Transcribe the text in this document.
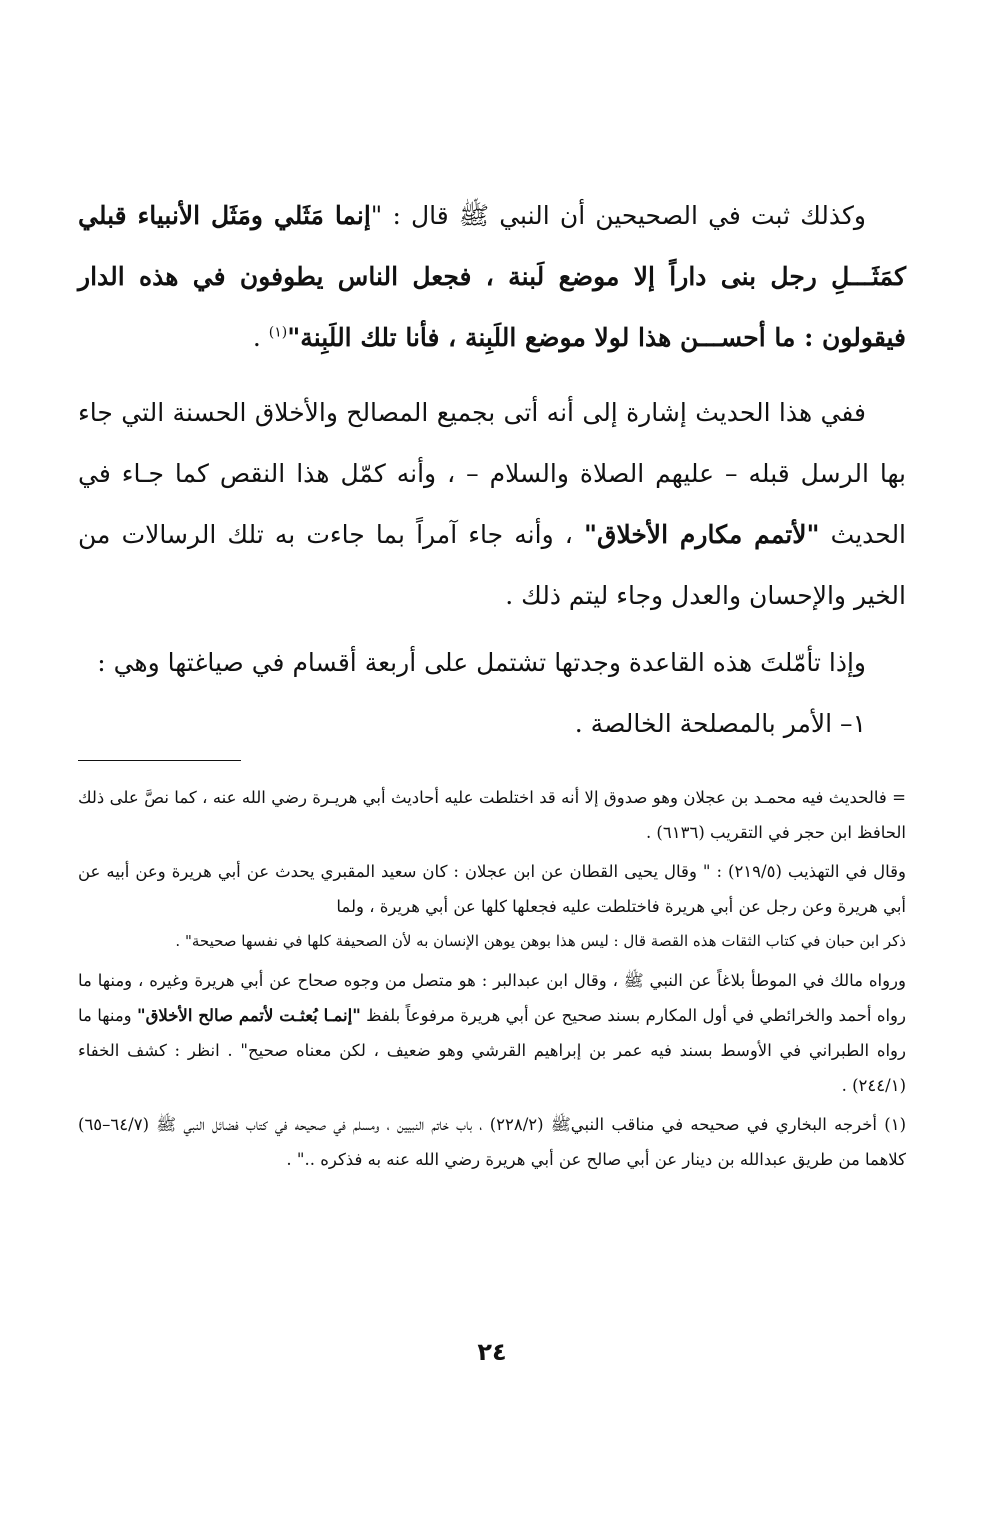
وكذلك ثبت في الصحيحين أن النبي ﷺ قال : "إنما مَثَلي ومَثَل الأنبياء قبلي كمَثَـــلِ رجل بنى داراً إلا موضع لَبنة ، فجعل الناس يطوفون في هذه الدار فيقولون : ما أحســـن هذا لولا موضع اللَبِنة ، فأنا تلك اللَبِنة"$^{(١)}$ .

ففي هذا الحديث إشارة إلى أنه أتى بجميع المصالح والأخلاق الحسنة التي جاء بها الرسل قبله – عليهم الصلاة والسلام – ، وأنه كمّل هذا النقص كما جـاء في الحديث "لأتمم مكارم الأخلاق" ، وأنه جاء آمراً بما جاءت به تلك الرسالات من الخير والإحسان والعدل وجاء ليتم ذلك .

وإذا تأمّلتَ هذه القاعدة وجدتها تشتمل على أربعة أقسام في صياغتها وهي :

١– الأمر بالمصلحة الخالصة .

= فالحديث فيه محمـد بن عجلان وهو صدوق إلا أنه قد اختلطت عليه أحاديث أبي هريـرة رضي الله عنه ، كما نصَّ على ذلك الحافظ ابن حجر في التقريب (٦١٣٦) .

وقال في التهذيب (٢١٩/٥) : " وقال يحيى القطان عن ابن عجلان : كان سعيد المقبري يحدث عن أبي هريرة وعن أبيه عن أبي هريرة وعن رجل عن أبي هريرة فاختلطت عليه فجعلها كلها عن أبي هريرة ، ولما

ذكر ابن حبان في كتاب الثقات هذه القصة قال : ليس هذا بوهن يوهن الإنسان به لأن الصحيفة كلها في نفسها صحيحة" .

ورواه مالك في الموطأ بلاغاً عن النبي ﷺ ، وقال ابن عبدالبر : هو متصل من وجوه صحاح عن أبي هريرة وغيره ، ومنها ما رواه أحمد والخرائطي في أول المكارم بسند صحيح عن أبي هريرة مرفوعاً بلفظ "إنمـا بُعثـت لأتمم صالح الأخلاق" ومنها ما رواه الطبراني في الأوسط بسند فيه عمر بن إبراهيم القرشي وهو ضعيف ، لكن معناه صحيح" . انظر : كشف الخفاء (٢٤٤/١) .

(١) أخرجه البخاري في صحيحه في مناقب النبيﷺ (٢٢٨/٢) ، باب خاتم النبيين ، ومسلم في صحيحه في كتاب فضائل النبي ﷺ (٦٤/٧–٦٥) كلاهما من طريق عبدالله بن دينار عن أبي صالح عن أبي هريرة رضي الله عنه به فذكره .." .

٢٤
